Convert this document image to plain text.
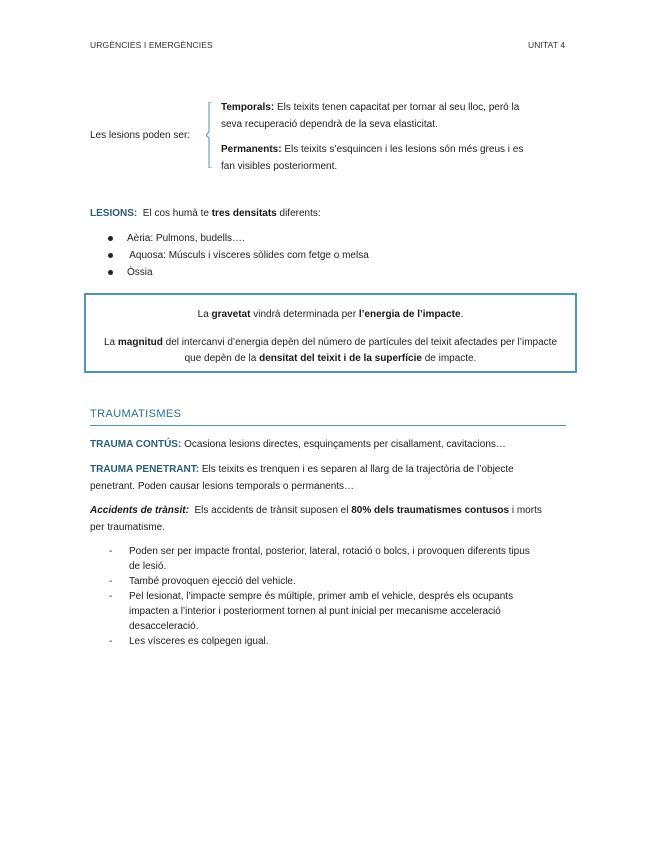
URGÈNCIES I EMERGÈNCIES	UNITAT 4
Les lesions poden ser:
Temporals: Els teixits tenen capacitat per tornar al seu lloc, però la
seva recuperació dependrà de la seva elasticitat.
Permanents: Els teixits s’esquincen i les lesions són més greus i es
fan visibles posteriorment.
LESIONS:  El cos humà te tres densitats diferents:
Aèria: Pulmons, budells….
Aquosa: Músculs i vísceres sòlides com fetge o melsa
Òssia
La gravetat vindrà determinada per l’energia de l’impacte.
La magnitud del intercanvi d’energia depèn del número de partícules del teixit afectades per l’impacte
que depèn de la densitat del teixit i de la superfície de impacte.
TRAUMATISMES
TRAUMA CONTÚS: Ocasiona lesions directes, esquinçaments per cisallament, cavitacions…
TRAUMA PENETRANT: Els teixits es trenquen i es separen al llarg de la trajectòria de l’objecte
penetrant. Poden causar lesions temporals o permanents…
Accidents de trànsit:  Els accidents de trànsit suposen el 80% dels traumatismes contusos i morts
per traumatisme.
-	Poden ser per impacte frontal, posterior, lateral, rotació o bolcs, i provoquen diferents tipus
de lesió.
-	També provoquen ejecció del vehicle.
-	Pel lesionat, l’impacte sempre és múltiple, primer amb el vehicle, després els ocupants
impacten a l’interior i posteriorment tornen al punt inicial per mecanisme acceleració
desacceleració.
-	Les vísceres es colpegen igual.
